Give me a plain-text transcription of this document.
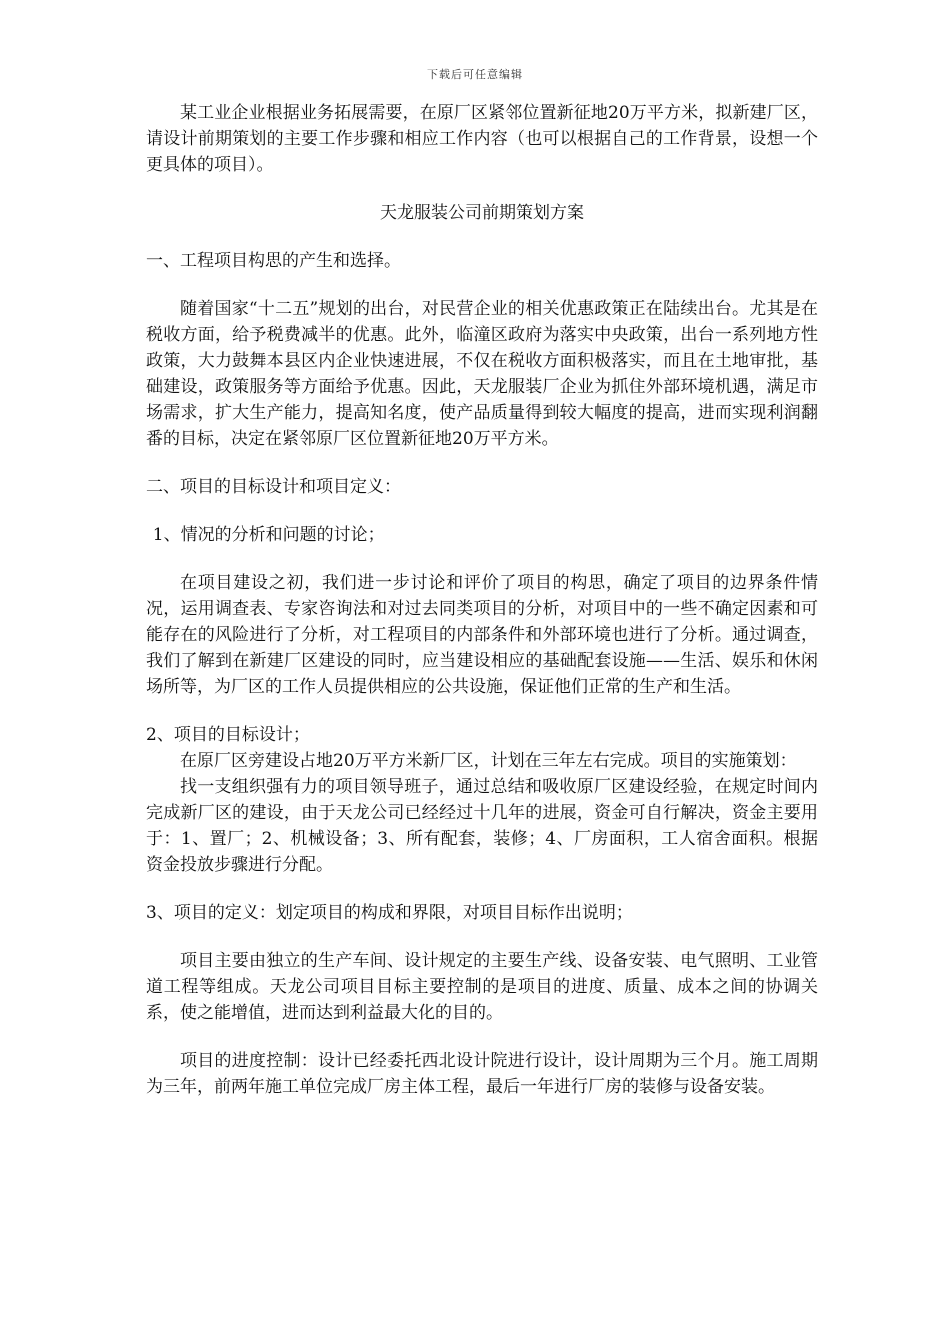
下载后可任意编辑

某工业企业根据业务拓展需要，在原厂区紧邻位置新征地20万平方米，拟新建厂区，请设计前期策划的主要工作步骤和相应工作内容（也可以根据自己的工作背景，设想一个更具体的项目）。

天龙服装公司前期策划方案

一、工程项目构思的产生和选择。

随着国家“十二五”规划的出台，对民营企业的相关优惠政策正在陆续出台。尤其是在税收方面，给予税费减半的优惠。此外，临潼区政府为落实中央政策，出台一系列地方性政策，大力鼓舞本县区内企业快速进展，不仅在税收方面积极落实，而且在土地审批，基础建设，政策服务等方面给予优惠。因此，天龙服装厂企业为抓住外部环境机遇，满足市场需求，扩大生产能力，提高知名度，使产品质量得到较大幅度的提高，进而实现利润翻番的目标，决定在紧邻原厂区位置新征地20万平方米。

二、项目的目标设计和项目定义：

1、情况的分析和问题的讨论；

在项目建设之初，我们进一步讨论和评价了项目的构思，确定了项目的边界条件情况，运用调查表、专家咨询法和对过去同类项目的分析，对项目中的一些不确定因素和可能存在的风险进行了分析，对工程项目的内部条件和外部环境也进行了分析。通过调查，我们了解到在新建厂区建设的同时，应当建设相应的基础配套设施——生活、娱乐和休闲场所等，为厂区的工作人员提供相应的公共设施，保证他们正常的生产和生活。

2、项目的目标设计；

在原厂区旁建设占地20万平方米新厂区，计划在三年左右完成。项目的实施策划：

找一支组织强有力的项目领导班子，通过总结和吸收原厂区建设经验，在规定时间内完成新厂区的建设，由于天龙公司已经经过十几年的进展，资金可自行解决，资金主要用于：1、置厂；2、机械设备；3、所有配套，装修；4、厂房面积，工人宿舍面积。根据资金投放步骤进行分配。

3、项目的定义：划定项目的构成和界限，对项目目标作出说明；

项目主要由独立的生产车间、设计规定的主要生产线、设备安装、电气照明、工业管道工程等组成。天龙公司项目目标主要控制的是项目的进度、质量、成本之间的协调关系，使之能增值，进而达到利益最大化的目的。

项目的进度控制：设计已经委托西北设计院进行设计，设计周期为三个月。施工周期为三年，前两年施工单位完成厂房主体工程，最后一年进行厂房的装修与设备安装。
